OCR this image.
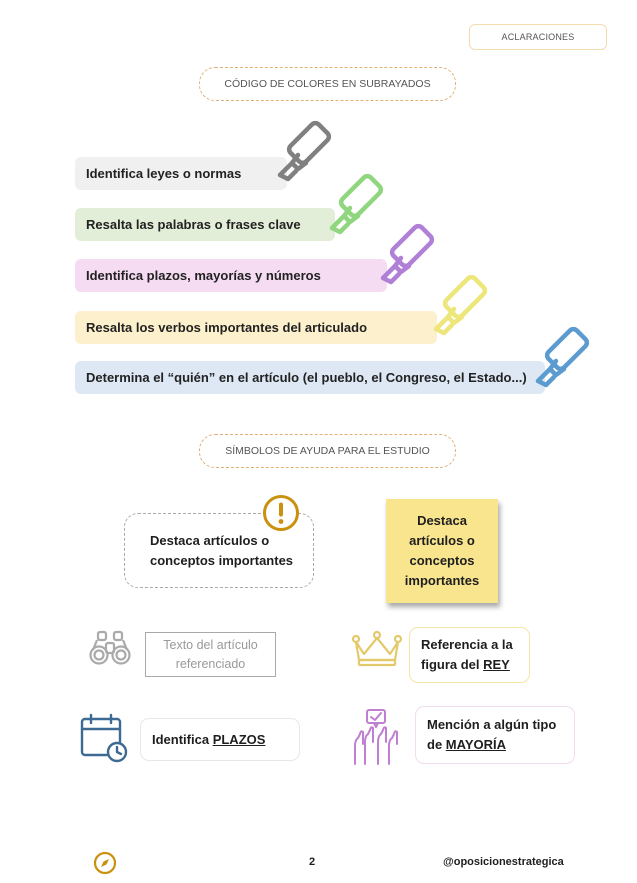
ACLARACIONES
CÓDIGO DE COLORES EN SUBRAYADOS
Identifica leyes o normas
Resalta las palabras o frases clave
Identifica plazos, mayorías y números
Resalta los verbos importantes del articulado
Determina el “quién” en el artículo (el pueblo, el Congreso, el Estado...)
SÍMBOLOS DE AYUDA PARA EL ESTUDIO
Destaca artículos o
conceptos importantes
Destaca
artículos o
conceptos
importantes
Texto del artículo
referenciado
Referencia a la
figura del REY
Identifica PLAZOS
Mención a algún tipo
de MAYORÍA
2	@oposicionestrategica
